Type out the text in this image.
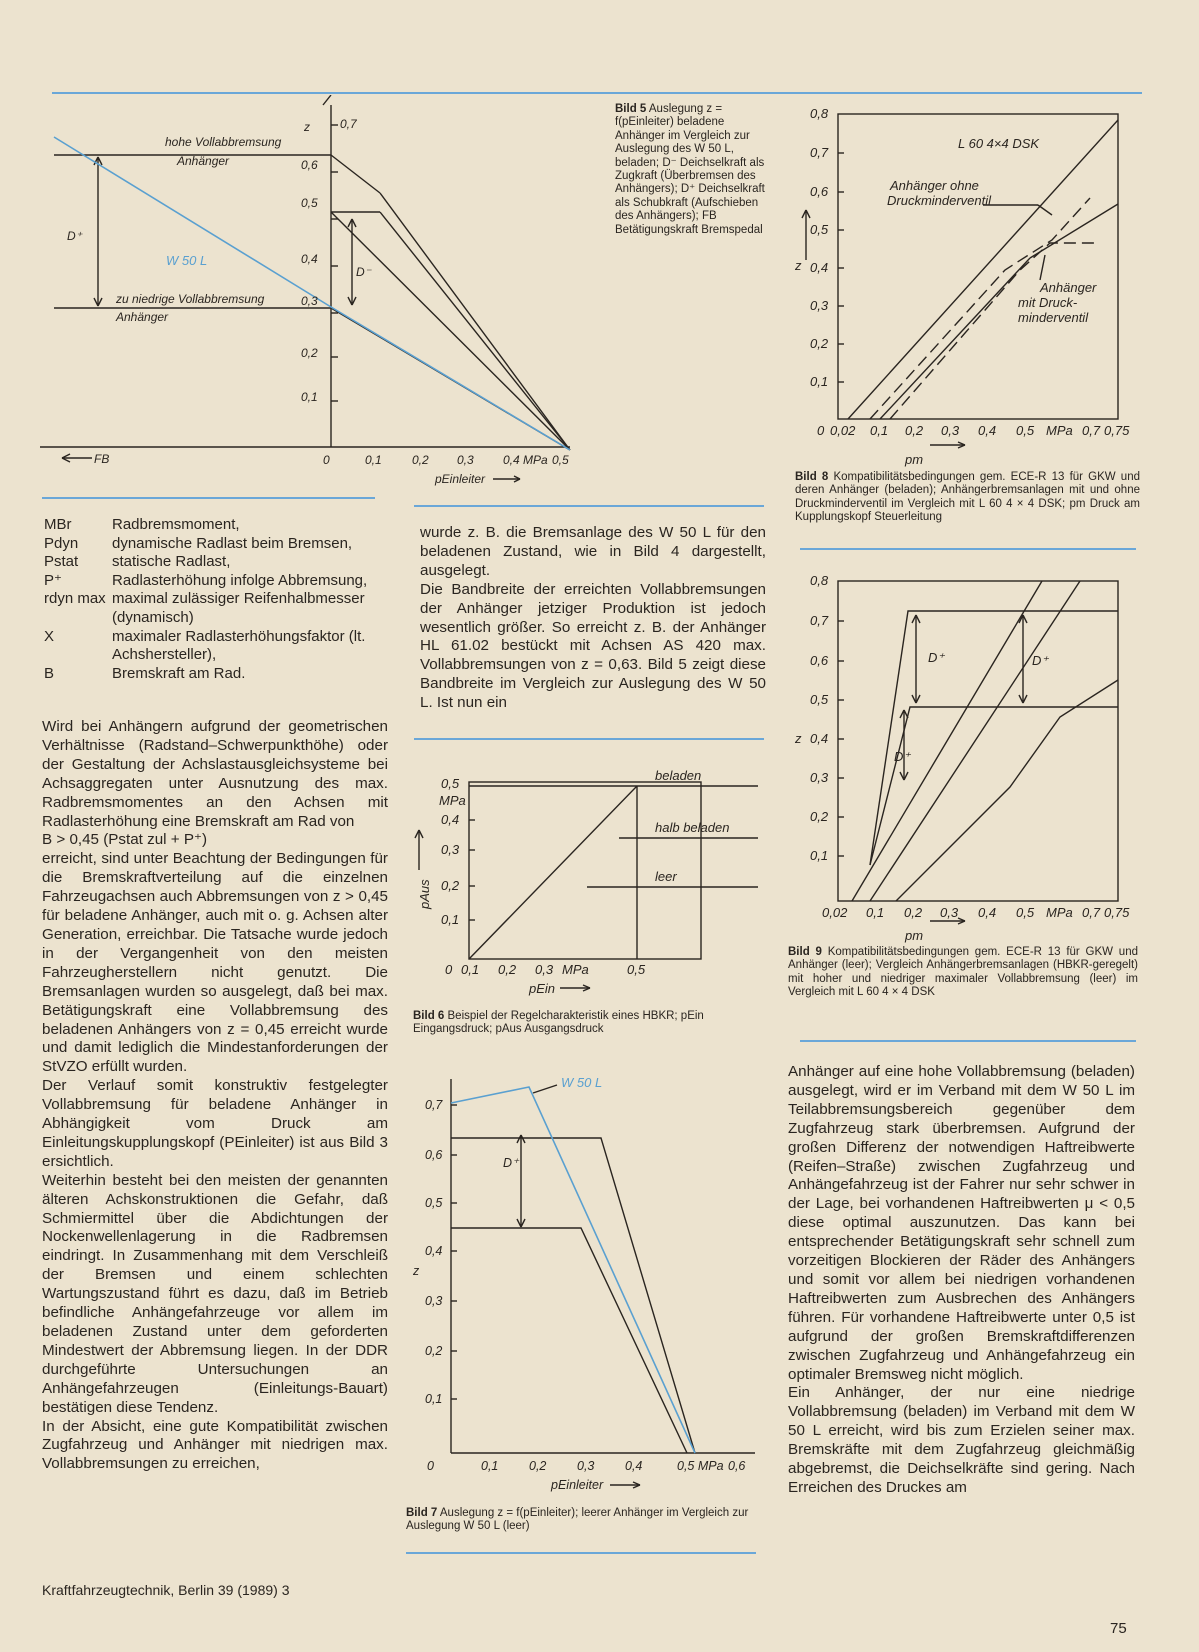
0,7
0,6
0,5
0,4
0,3
0,2
0,1
z
0	0,1	0,2 0,3 0,4 MPa 0,5
pEinleiter
FB
hohe Vollabbremsung
Anhänger
zu niedrige Vollabbremsung
Anhänger
D⁺
D⁻
W 50 L
Bild 5 Auslegung z = f(pEinleiter) beladene Anhänger im Vergleich zur Auslegung des W 50 L, beladen; D⁻ Deichselkraft als Zugkraft (Überbremsen des Anhängers); D⁺ Deichselkraft als Schubkraft (Aufschieben des Anhängers); FB Betätigungskraft Bremspedal
0,8
0,7
0,6
0,5
0,4
0,3
0,2
0,1
z
0 0,02 0,1 0,2 0,3 0,4 0,5 MPa 0,7 0,75
pm
L 60 4×4 DSK
Anhänger ohne
Druckminderventil
Anhänger
mit Druck-
minderventil
Bild 8 Kompatibilitätsbedingungen gem. ECE-R 13 für GKW und deren Anhänger (beladen); Anhängerbremsanlagen mit und ohne Druckminderventil im Vergleich mit L 60 4 × 4 DSK; pm Druck am Kupplungskopf Steuerleitung
0,8
0,7
0,6
0,5
0,4
0,3
0,2
0,1
z
0,02 0,1 0,2 0,3 0,4 0,5 MPa 0,7 0,75
pm
D⁺	D⁺
D⁺
Bild 9 Kompatibilitätsbedingungen gem. ECE-R 13 für GKW und Anhänger (leer); Vergleich Anhängerbremsanlagen (HBKR-geregelt) mit hoher und niedriger maximaler Vollabbremsung (leer) im Vergleich mit L 60 4 × 4 DSK
0,5
MPa
0,4
0,3
0,2
0,1
pAus
0 0,1 0,2 0,3 MPa	0,5
pEin
beladen
halb beladen
leer
Bild 6 Beispiel der Regelcharakteristik eines HBKR; pEin Eingangsdruck; pAus Ausgangsdruck
0,7
0,6
0,5
0,4
0,3
0,2
0,1
z
0	0,1 0,2 0,3 0,4	0,5 MPa 0,6
pEinleiter
D⁺
W 50 L
Bild 7 Auslegung z = f(pEinleiter); leerer Anhänger im Vergleich zur Auslegung W 50 L (leer)
MBr	Radbremsmoment,
Pdyn	dynamische Radlast beim Bremsen,
Pstat	statische Radlast,
P⁺	Radlasterhöhung infolge Abbremsung,
rdyn max maximal zulässiger Reifenhalbmesser (dynamisch)
X	maximaler Radlasterhöhungsfaktor (lt. Achshersteller),
B	Bremskraft am Rad.

Wird bei Anhängern aufgrund der geometrischen Verhältnisse (Radstand–Schwerpunkthöhe) oder der Gestaltung der Achslastausgleichsysteme bei Achsaggregaten unter Ausnutzung des max. Radbremsmomentes an den Achsen mit Radlasterhöhung eine Bremskraft am Rad von

B > 0,45 (Pstat zul + P⁺)

erreicht, sind unter Beachtung der Bedingungen für die Bremskraftverteilung auf die einzelnen Fahrzeugachsen auch Abbremsungen von z > 0,45 für beladene Anhänger, auch mit o. g. Achsen alter Generation, erreichbar. Die Tatsache wurde jedoch in der Vergangenheit von den meisten Fahrzeugherstellern nicht genutzt. Die Bremsanlagen wurden so ausgelegt, daß bei max. Betätigungskraft eine Vollabbremsung des beladenen Anhängers von z = 0,45 erreicht wurde und damit lediglich die Mindestanforderungen der StVZO erfüllt wurden.

Der Verlauf somit konstruktiv festgelegter Vollabbremsung für beladene Anhänger in Abhängigkeit vom Druck am Einleitungskupplungskopf (PEinleiter) ist aus Bild 3 ersichtlich.

Weiterhin besteht bei den meisten der genannten älteren Achskonstruktionen die Gefahr, daß Schmiermittel über die Abdichtungen der Nockenwellenlagerung in die Radbremsen eindringt. In Zusammenhang mit dem Verschleiß der Bremsen und einem schlechten Wartungszustand führt es dazu, daß im Betrieb befindliche Anhängefahrzeuge vor allem im beladenen Zustand unter dem geforderten Mindestwert der Abbremsung liegen. In der DDR durchgeführte Untersuchungen an Anhängefahrzeugen (Einleitungs-Bauart) bestätigen diese Tendenz.

In der Absicht, eine gute Kompatibilität zwischen Zugfahrzeug und Anhänger mit niedrigen max. Vollabbremsungen zu erreichen,

wurde z. B. die Bremsanlage des W 50 L für den beladenen Zustand, wie in Bild 4 dargestellt, ausgelegt.

Die Bandbreite der erreichten Vollabbremsungen der Anhänger jetziger Produktion ist jedoch wesentlich größer. So erreicht z. B. der Anhänger HL 61.02 bestückt mit Achsen AS 420 max. Vollabbremsungen von z = 0,63. Bild 5 zeigt diese Bandbreite im Vergleich zur Auslegung des W 50 L. Ist nun ein

Anhänger auf eine hohe Vollabbremsung (beladen) ausgelegt, wird er im Verband mit dem W 50 L im Teilabbremsungsbereich gegenüber dem Zugfahrzeug stark überbremsen. Aufgrund der großen Differenz der notwendigen Haftreibwerte (Reifen–Straße) zwischen Zugfahrzeug und Anhängefahrzeug ist der Fahrer nur sehr schwer in der Lage, bei vorhandenen Haftreibwerten μ < 0,5 diese optimal auszunutzen. Das kann bei entsprechender Betätigungskraft sehr schnell zum vorzeitigen Blockieren der Räder des Anhängers und somit vor allem bei niedrigen vorhandenen Haftreibwerten zum Ausbrechen des Anhängers führen. Für vorhandene Haftreibwerte unter 0,5 ist aufgrund der großen Bremskraftdifferenzen zwischen Zugfahrzeug und Anhängefahrzeug ein optimaler Bremsweg nicht möglich.

Ein Anhänger, der nur eine niedrige Vollabbremsung (beladen) im Verband mit dem W 50 L erreicht, wird bis zum Erzielen seiner max. Bremskräfte mit dem Zugfahrzeug gleichmäßig abgebremst, die Deichselkräfte sind gering. Nach Erreichen des Druckes am

Kraftfahrzeugtechnik, Berlin 39 (1989) 3
75
